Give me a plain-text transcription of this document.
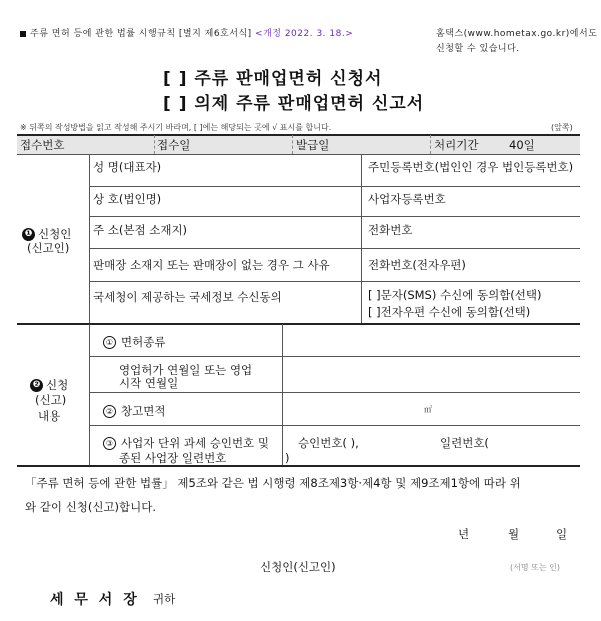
주류 면허 등에 관한 법률 시행규칙 [별지 제6호서식] <개정 2022. 3. 18.>	홈택스(www.hometax.go.kr)에서도
신청할 수 있습니다.
[ ] 주류 판매업면허 신청서
[ ] 의제 주류 판매업면허 신고서
※ 뒤쪽의 작성방법을 읽고 작성해 주시기 바라며, [ ]에는 해당되는 곳에 √ 표시를 합니다.	(앞쪽)
접수번호	접수일	발급일	처리기간	40일
❶ 신청인
(신고인)
성 명(대표자)	주민등록번호(법인인 경우 법인등록번호)
상 호(법인명)	사업자등록번호
주 소(본점 소재지)	전화번호
판매장 소재지 또는 판매장이 없는 경우 그 사유	전화번호(전자우편)
국세청이 제공하는 국세정보 수신동의	[ ]문자(SMS) 수신에 동의함(선택)
[ ]전자우편 수신에 동의함(선택)
❷ 신청
(신고)
내용
① 면허종류
영업허가 연월일 또는 영업
시작 연월일
② 창고면적	㎡
③ 사업자 단위 과세 승인번호 및
종된 사업장 일련번호
승인번호( ),	일련번호(
)
「주류 면허 등에 관한 법률」 제5조와 같은 법 시행령 제8조제3항·제4항 및 제9조제1항에 따라 위
와 같이 신청(신고)합니다.
년	월	일
신청인(신고인)	(서명 또는 인)
세 무 서 장 귀하
